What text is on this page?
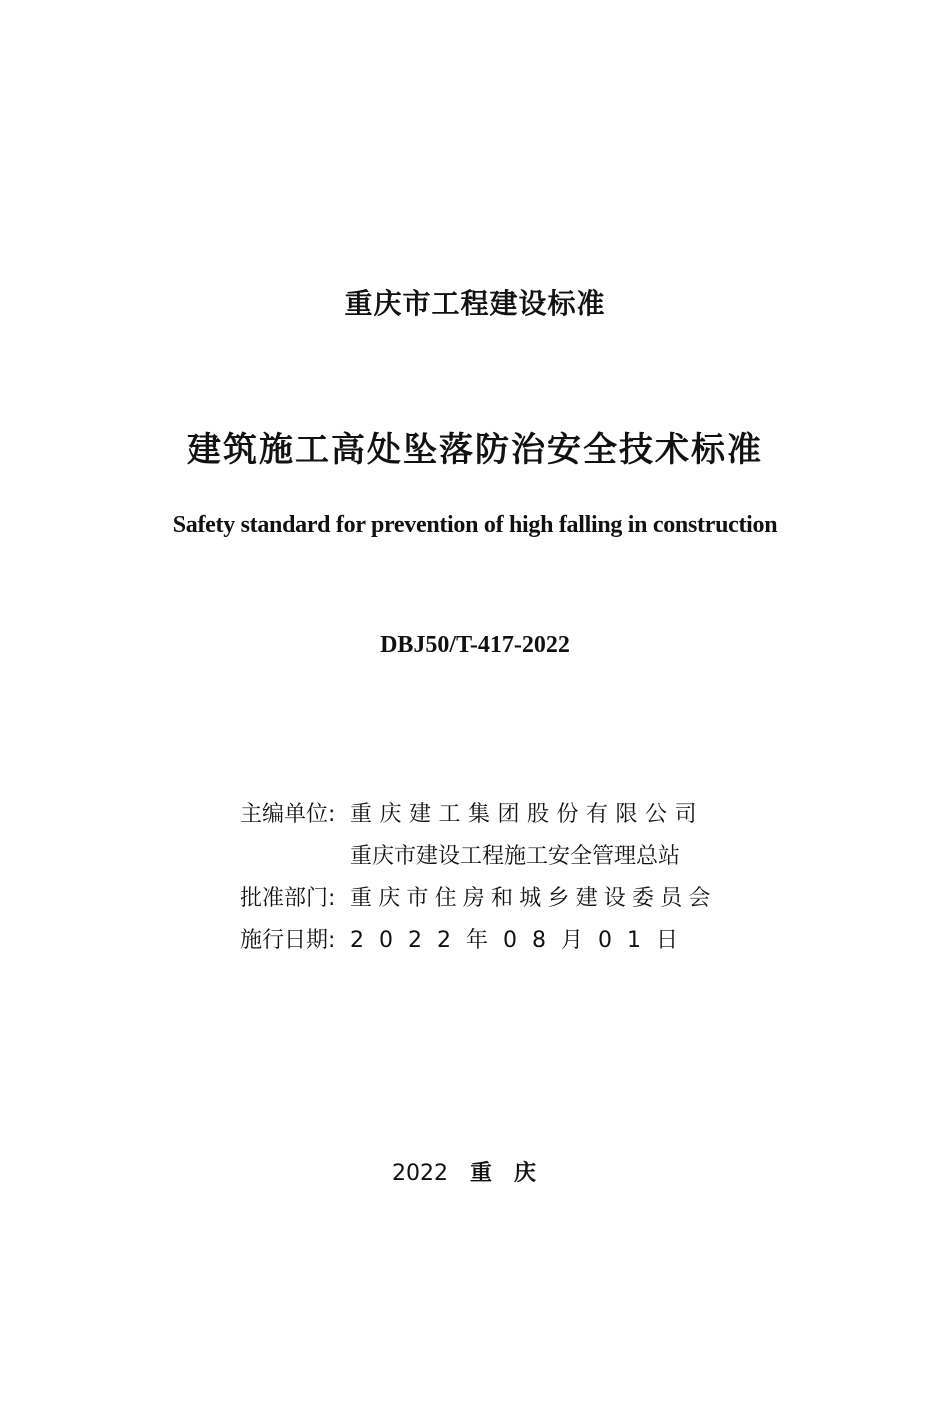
重庆市工程建设标准
建筑施工高处坠落防治安全技术标准
Safety standard for prevention of high falling in construction
DBJ50/T-417-2022
主编单位: 重庆建工集团股份有限公司
重庆市建设工程施工安全管理总站
批准部门: 重庆市住房和城乡建设委员会
施行日期: 2022年08月01日
2022 重庆
